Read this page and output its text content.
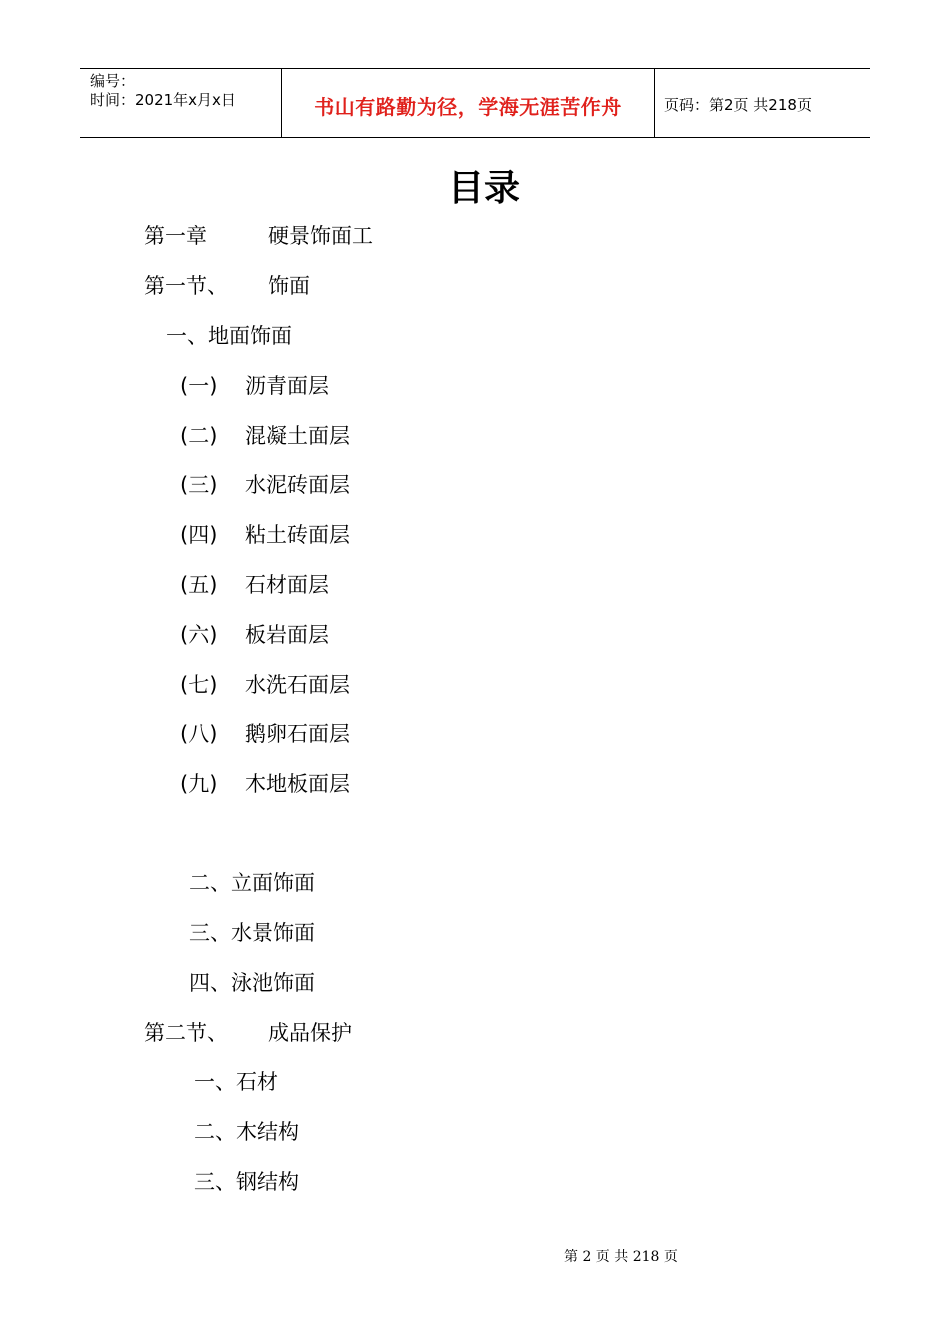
编号：
时间：2021年x月x日	书山有路勤为径，学海无涯苦作舟	页码：第2页 共218页
目录
第一章	硬景饰面工
第一节、 饰面
一、地面饰面
(一) 沥青面层
(二) 混凝土面层
(三) 水泥砖面层
(四) 粘土砖面层
(五) 石材面层
(六) 板岩面层
(七) 水洗石面层
(八) 鹅卵石面层
(九) 木地板面层
二、立面饰面
三、水景饰面
四、泳池饰面
第二节、 成品保护
一、石材
二、木结构
三、钢结构
第 2 页 共 218 页
